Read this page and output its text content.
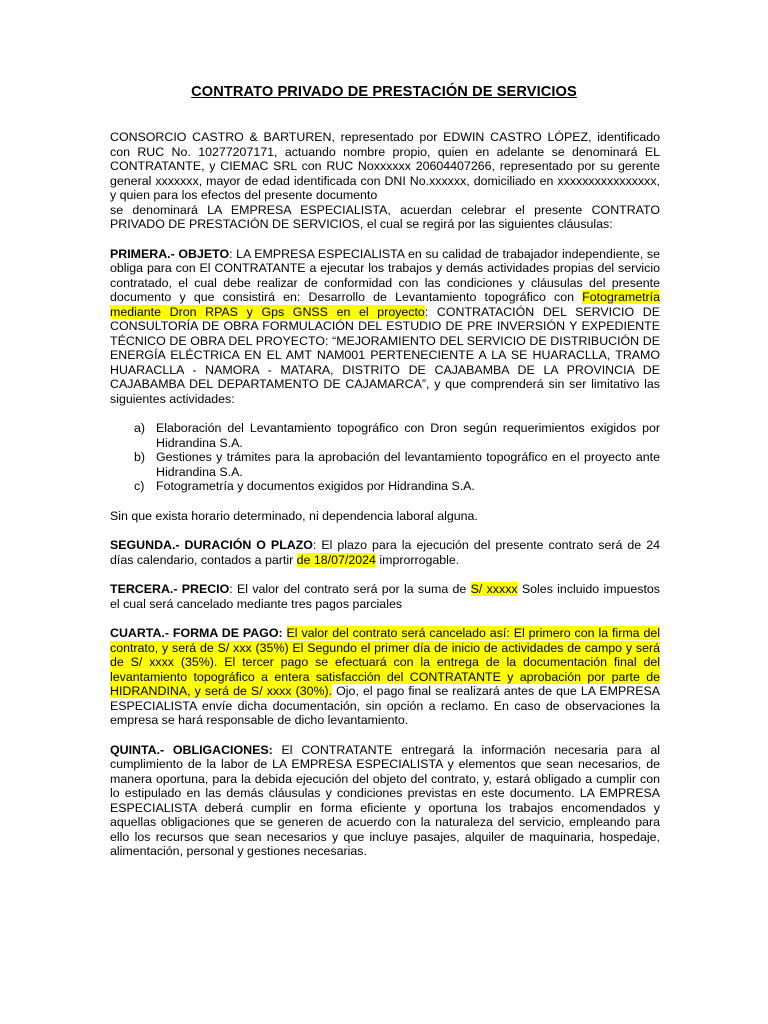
CONTRATO PRIVADO DE PRESTACIÓN DE SERVICIOS

CONSORCIO CASTRO & BARTUREN, representado por EDWIN CASTRO LÓPEZ, identificado con RUC No. 10277207171, actuando nombre propio, quien en adelante se denominará EL CONTRATANTE, y CIEMAC SRL con RUC Noxxxxxx 20604407266, representado por su gerente general xxxxxxx, mayor de edad identificada con DNI No.xxxxxx, domiciliado en xxxxxxxxxxxxxxxx, y quien para los efectos del presente documento

se denominará LA EMPRESA ESPECIALISTA, acuerdan celebrar el presente CONTRATO PRIVADO DE PRESTACIÓN DE SERVICIOS, el cual se regirá por las siguientes cláusulas:

PRIMERA.- OBJETO: LA EMPRESA ESPECIALISTA en su calidad de trabajador independiente, se obliga para con El CONTRATANTE a ejecutar los trabajos y demás actividades propias del servicio contratado, el cual debe realizar de conformidad con las condiciones y cláusulas del presente documento y que consistirá en: Desarrollo de Levantamiento topográfico con Fotogrametría mediante Dron RPAS y Gps GNSS en el proyecto: CONTRATACIÓN DEL SERVICIO DE CONSULTORÍA DE OBRA FORMULACIÓN DEL ESTUDIO DE PRE INVERSIÓN Y EXPEDIENTE TÉCNICO DE OBRA DEL PROYECTO: “MEJORAMIENTO DEL SERVICIO DE DISTRIBUCIÓN DE ENERGÍA ELÉCTRICA EN EL AMT NAM001 PERTENECIENTE A LA SE HUARACLLA, TRAMO HUARACLLA - NAMORA - MATARA, DISTRITO DE CAJABAMBA DE LA PROVINCIA DE CAJABAMBA DEL DEPARTAMENTO DE CAJAMARCA”, y que comprenderá sin ser limitativo las siguientes actividades:

a) Elaboración del Levantamiento topográfico con Dron según requerimientos exigidos por Hidrandina S.A.
b) Gestiones y trámites para la aprobación del levantamiento topográfico en el proyecto ante Hidrandina S.A.
c) Fotogrametría y documentos exigidos por Hidrandina S.A.

Sin que exista horario determinado, ni dependencia laboral alguna.

SEGUNDA.- DURACIÓN O PLAZO: El plazo para la ejecución del presente contrato será de 24 días calendario, contados a partir de 18/07/2024 improrrogable.

TERCERA.- PRECIO: El valor del contrato será por la suma de S/ xxxxx Soles incluido impuestos el cual será cancelado mediante tres pagos parciales

CUARTA.- FORMA DE PAGO: El valor del contrato será cancelado así: El primero con la firma del contrato, y será de S/ xxx (35%) El Segundo el primer día de inicio de actividades de campo y será de S/ xxxx (35%). El tercer pago se efectuará con la entrega de la documentación final del levantamiento topográfico a entera satisfacción del CONTRATANTE y aprobación por parte de HIDRANDINA, y será de S/ xxxx (30%). Ojo, el pago final se realizará antes de que LA EMPRESA ESPECIALISTA envíe dicha documentación, sin opción a reclamo. En caso de observaciones la empresa se hará responsable de dicho levantamiento.

QUINTA.- OBLIGACIONES: El CONTRATANTE entregará la información necesaria para al cumplimiento de la labor de LA EMPRESA ESPECIALISTA y elementos que sean necesarios, de manera oportuna, para la debida ejecución del objeto del contrato, y, estará obligado a cumplir con lo estipulado en las demás cláusulas y condiciones previstas en este documento. LA EMPRESA ESPECIALISTA deberá cumplir en forma eficiente y oportuna los trabajos encomendados y aquellas obligaciones que se generen de acuerdo con la naturaleza del servicio, empleando para ello los recursos que sean necesarios y que incluye pasajes, alquiler de maquinaria, hospedaje, alimentación, personal y gestiones necesarias.
